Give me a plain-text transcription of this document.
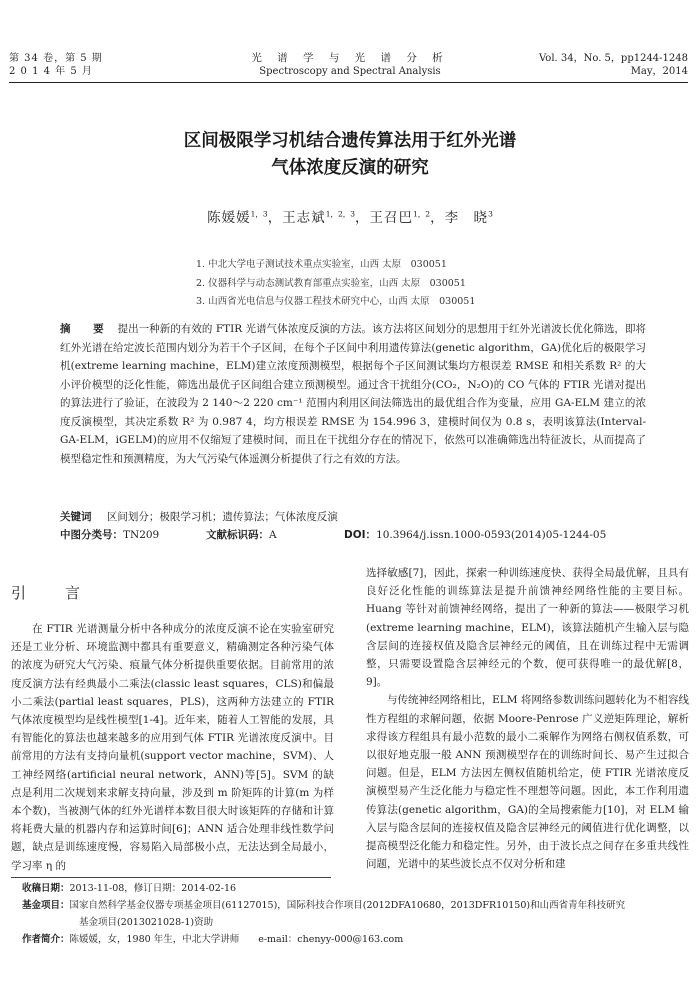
第 34 卷，第 5 期
2 0 1 4 年 5 月
光 谱 学 与 光 谱 分 析
Spectroscopy and Spectral Analysis
Vol. 34，No. 5，pp1244-1248
May，2014
区间极限学习机结合遗传算法用于红外光谱
气体浓度反演的研究
陈媛媛$^{1,3}$，王志斌$^{1,2,3}$，王召巴$^{1,2}$，李　晓$^3$
1. 中北大学电子测试技术重点实验室，山西 太原　030051
2. 仪器科学与动态测试教育部重点实验室，山西 太原　030051
3. 山西省光电信息与仪器工程技术研究中心，山西 太原　030051
摘　要 提出一种新的有效的 FTIR 光谱气体浓度反演的方法。该方法将区间划分的思想用于红外光谱波长优化筛选，即将红外光谱在给定波长范围内划分为若干个子区间，在每个子区间中利用遗传算法(genetic algorithm，GA)优化后的极限学习机(extreme learning machine，ELM)建立浓度预测模型，根据每个子区间测试集均方根误差 RMSE 和相关系数 R² 的大小评价模型的泛化性能，筛选出最优子区间组合建立预测模型。通过含干扰组分(CO₂，N₂O)的 CO 气体的 FTIR 光谱对提出的算法进行了验证，在波段为 2 140～2 220 cm⁻¹ 范围内利用区间法筛选出的最优组合作为变量，应用 GA-ELM 建立的浓度反演模型，其决定系数 R² 为 0.987 4，均方根误差 RMSE 为 154.996 3，建模时间仅为 0.8 s，表明该算法(Interval-GA-ELM，iGELM)的应用不仅缩短了建模时间，而且在干扰组分存在的情况下，依然可以准确筛选出特征波长，从而提高了模型稳定性和预测精度，为大气污染气体遥测分析提供了行之有效的方法。
关键词 区间划分；极限学习机；遗传算法；气体浓度反演
中图分类号：TN209	文献标识码：A	DOI：10.3964/j.issn.1000-0593(2014)05-1244-05
引　言

在 FTIR 光谱测量分析中各种成分的浓度反演不论在实验室研究还是工业分析、环境监测中都具有重要意义，精确测定各种污染气体的浓度为研究大气污染、痕量气体分析提供重要依据。目前常用的浓度反演方法有经典最小二乘法(classic least squares，CLS)和偏最小二乘法(partial least squares，PLS)，这两种方法建立的 FTIR 气体浓度模型均是线性模型[1-4]。近年来，随着人工智能的发展，具有智能化的算法也越来越多的应用到气体 FTIR 光谱浓度反演中。目前常用的方法有支持向量机(support vector machine，SVM)、人工神经网络(artificial neural network，ANN)等[5]。SVM 的缺点是利用二次规划来求解支持向量，涉及到 m 阶矩阵的计算(m 为样本个数)，当被测气体的红外光谱样本数目很大时该矩阵的存储和计算将耗费大量的机器内存和运算时间[6]；ANN 适合处理非线性数学问题，缺点是训练速度慢，容易陷入局部极小点，无法达到全局最小，学习率 η 的

选择敏感[7]，因此，探索一种训练速度快、获得全局最优解，且具有良好泛化性能的训练算法是提升前馈神经网络性能的主要目标。Huang 等针对前馈神经网络，提出了一种新的算法——极限学习机(extreme learning machine，ELM)，该算法随机产生输入层与隐含层间的连接权值及隐含层神经元的阈值，且在训练过程中无需调整，只需要设置隐含层神经元的个数，便可获得唯一的最优解[8，9]。

与传统神经网络相比，ELM 将网络参数训练问题转化为不相容线性方程组的求解问题，依据 Moore-Penrose 广义逆矩阵理论，解析求得该方程组具有最小范数的最小二乘解作为网络右侧权值系数，可以很好地克服一般 ANN 预测模型存在的训练时间长、易产生过拟合问题。但是，ELM 方法因左侧权值随机给定，使 FTIR 光谱浓度反演模型易产生泛化能力与稳定性不理想等问题。因此，本工作利用遗传算法(genetic algorithm，GA)的全局搜索能力[10]，对 ELM 输入层与隐含层间的连接权值及隐含层神经元的阈值进行优化调整，以提高模型泛化能力和稳定性。另外，由于波长点之间存在多重共线性问题，光谱中的某些波长点不仅对分析和建

收稿日期：2013-11-08，修订日期：2014-02-16
基金项目：国家自然科学基金仪器专项基金项目(61127015)，国际科技合作项目(2012DFA10680，2013DFR10150)和山西省青年科技研究
基金项目(2013021028-1)资助
作者简介：陈媛媛，女，1980 年生，中北大学讲师　　e-mail：chenyy-000@163.com
